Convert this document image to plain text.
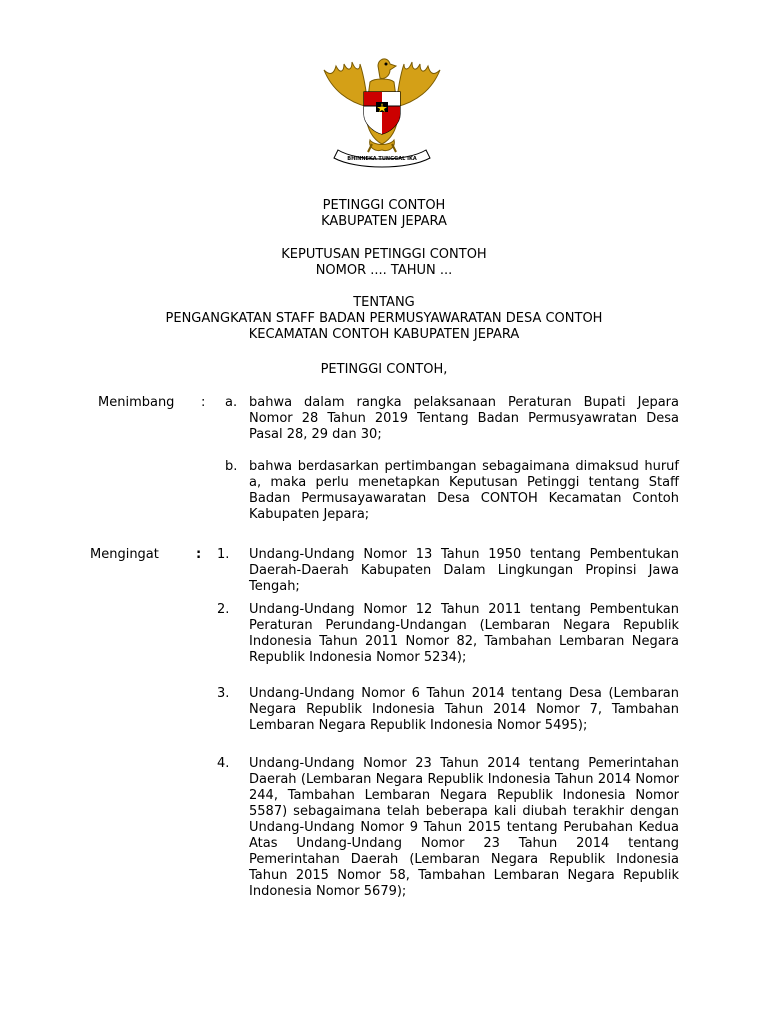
BHINNEKA TUNGGAL IKA
PETINGGI CONTOH
KABUPATEN JEPARA
KEPUTUSAN PETINGGI CONTOH
NOMOR .... TAHUN ...
TENTANG
PENGANGKATAN STAFF BADAN PERMUSYAWARATAN DESA CONTOH
KECAMATAN CONTOH KABUPATEN JEPARA
PETINGGI CONTOH,
Menimbang : a. bahwa dalam rangka pelaksanaan Peraturan Bupati Jepara Nomor 28 Tahun 2019 Tentang Badan Permusyawratan Desa Pasal 28, 29 dan 30;
b. bahwa berdasarkan pertimbangan sebagaimana dimaksud huruf a, maka perlu menetapkan Keputusan Petinggi tentang Staff Badan Permusayawaratan Desa CONTOH Kecamatan Contoh Kabupaten Jepara;
Mengingat	: 1. Undang-Undang Nomor 13 Tahun 1950 tentang Pembentukan Daerah-Daerah Kabupaten Dalam Lingkungan Propinsi Jawa Tengah;
2. Undang-Undang Nomor 12 Tahun 2011 tentang Pembentukan Peraturan Perundang-Undangan (Lembaran Negara Republik Indonesia Tahun 2011 Nomor 82, Tambahan Lembaran Negara Republik Indonesia Nomor 5234);
3. Undang-Undang Nomor 6 Tahun 2014 tentang Desa (Lembaran Negara Republik Indonesia Tahun 2014 Nomor 7, Tambahan Lembaran Negara Republik Indonesia Nomor 5495);
4. Undang-Undang Nomor 23 Tahun 2014 tentang Pemerintahan Daerah (Lembaran Negara Republik Indonesia Tahun 2014 Nomor 244, Tambahan Lembaran Negara Republik Indonesia Nomor 5587) sebagaimana telah beberapa kali diubah terakhir dengan Undang-Undang Nomor 9 Tahun 2015 tentang Perubahan Kedua Atas Undang-Undang Nomor 23 Tahun 2014 tentang Pemerintahan Daerah (Lembaran Negara Republik Indonesia Tahun 2015 Nomor 58, Tambahan Lembaran Negara Republik Indonesia Nomor 5679);
